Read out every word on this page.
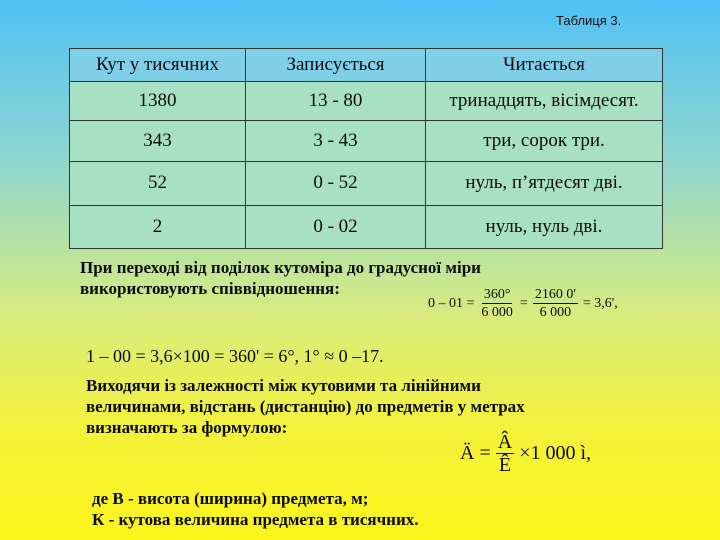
Таблиця 3.
Кут у тисячних	Записується	Читається
1380	13 - 80	тринадцять, вісімдесят.
343	3 - 43	три, сорок три.
52	0 - 52	нуль, п’ятдесят дві.
2	0 - 02	нуль, нуль дві.
При переході від поділок кутоміра до градусної міри
використовують співвідношення:
$0 - 01 = \frac{360^\circ}{6 000} = \frac{2160 0'}{6 000} = 3,6'$,
1 – 00 = 3,6×100 = 360' = 6°, 1° ≈ 0 –17.
Виходячи із залежності між кутовими та лінійними
величинами, відстань (дистанцію) до предметів у метрах
визначають за формулою:
Ä = $\frac{Â}{Ê} \times 1$ 000 ì,
де В - висота (ширина) предмета, м;
К - кутова величина предмета в тисячних.
